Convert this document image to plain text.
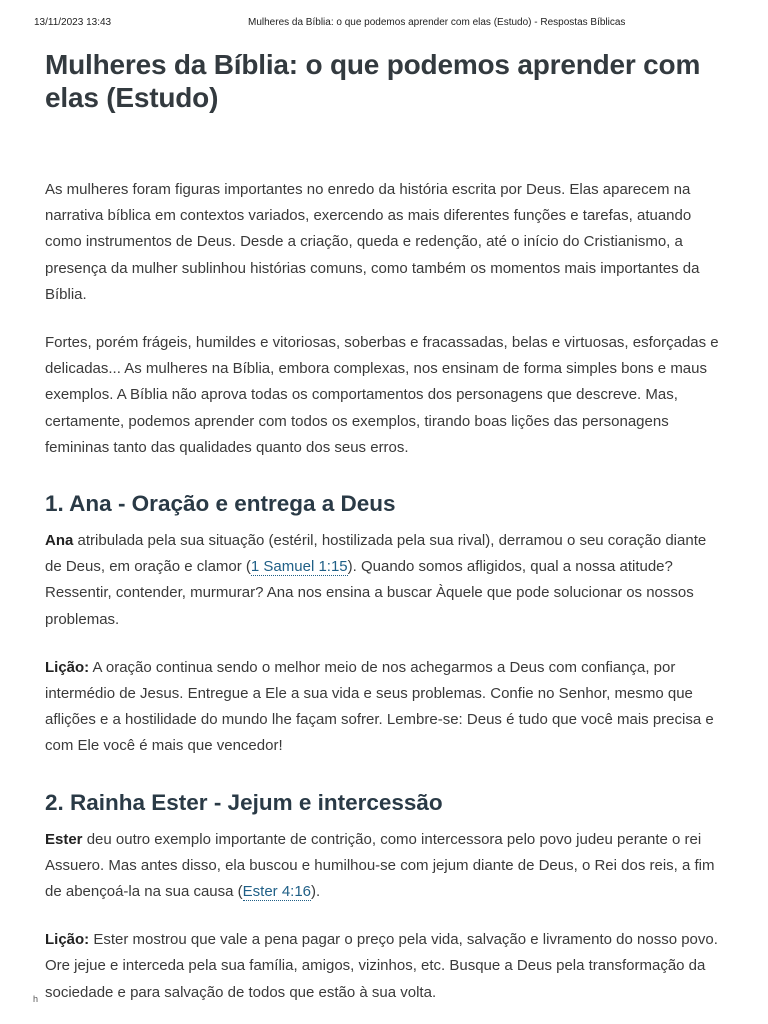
13/11/2023 13:43	Mulheres da Bíblia: o que podemos aprender com elas (Estudo) - Respostas Bíblicas
Mulheres da Bíblia: o que podemos aprender com elas (Estudo)

As mulheres foram figuras importantes no enredo da história escrita por Deus. Elas aparecem na narrativa bíblica em contextos variados, exercendo as mais diferentes funções e tarefas, atuando como instrumentos de Deus. Desde a criação, queda e redenção, até o início do Cristianismo, a presença da mulher sublinhou histórias comuns, como também os momentos mais importantes da Bíblia.

Fortes, porém frágeis, humildes e vitoriosas, soberbas e fracassadas, belas e virtuosas, esforçadas e delicadas... As mulheres na Bíblia, embora complexas, nos ensinam de forma simples bons e maus exemplos. A Bíblia não aprova todas os comportamentos dos personagens que descreve. Mas, certamente, podemos aprender com todos os exemplos, tirando boas lições das personagens femininas tanto das qualidades quanto dos seus erros.

1. Ana - Oração e entrega a Deus

Ana atribulada pela sua situação (estéril, hostilizada pela sua rival), derramou o seu coração diante de Deus, em oração e clamor (1 Samuel 1:15). Quando somos afligidos, qual a nossa atitude? Ressentir, contender, murmurar? Ana nos ensina a buscar Àquele que pode solucionar os nossos problemas.

Lição: A oração continua sendo o melhor meio de nos achegarmos a Deus com confiança, por intermédio de Jesus. Entregue a Ele a sua vida e seus problemas. Confie no Senhor, mesmo que aflições e a hostilidade do mundo lhe façam sofrer. Lembre-se: Deus é tudo que você mais precisa e com Ele você é mais que vencedor!

2. Rainha Ester - Jejum e intercessão

Ester deu outro exemplo importante de contrição, como intercessora pelo povo judeu perante o rei Assuero. Mas antes disso, ela buscou e humilhou-se com jejum diante de Deus, o Rei dos reis, a fim de abençoá-la na sua causa (Ester 4:16).

Lição: Ester mostrou que vale a pena pagar o preço pela vida, salvação e livramento do nosso povo. Ore jejue e interceda pela sua família, amigos, vizinhos, etc. Busque a Deus pela transformação da sociedade e para salvação de todos que estão à sua volta.

h
